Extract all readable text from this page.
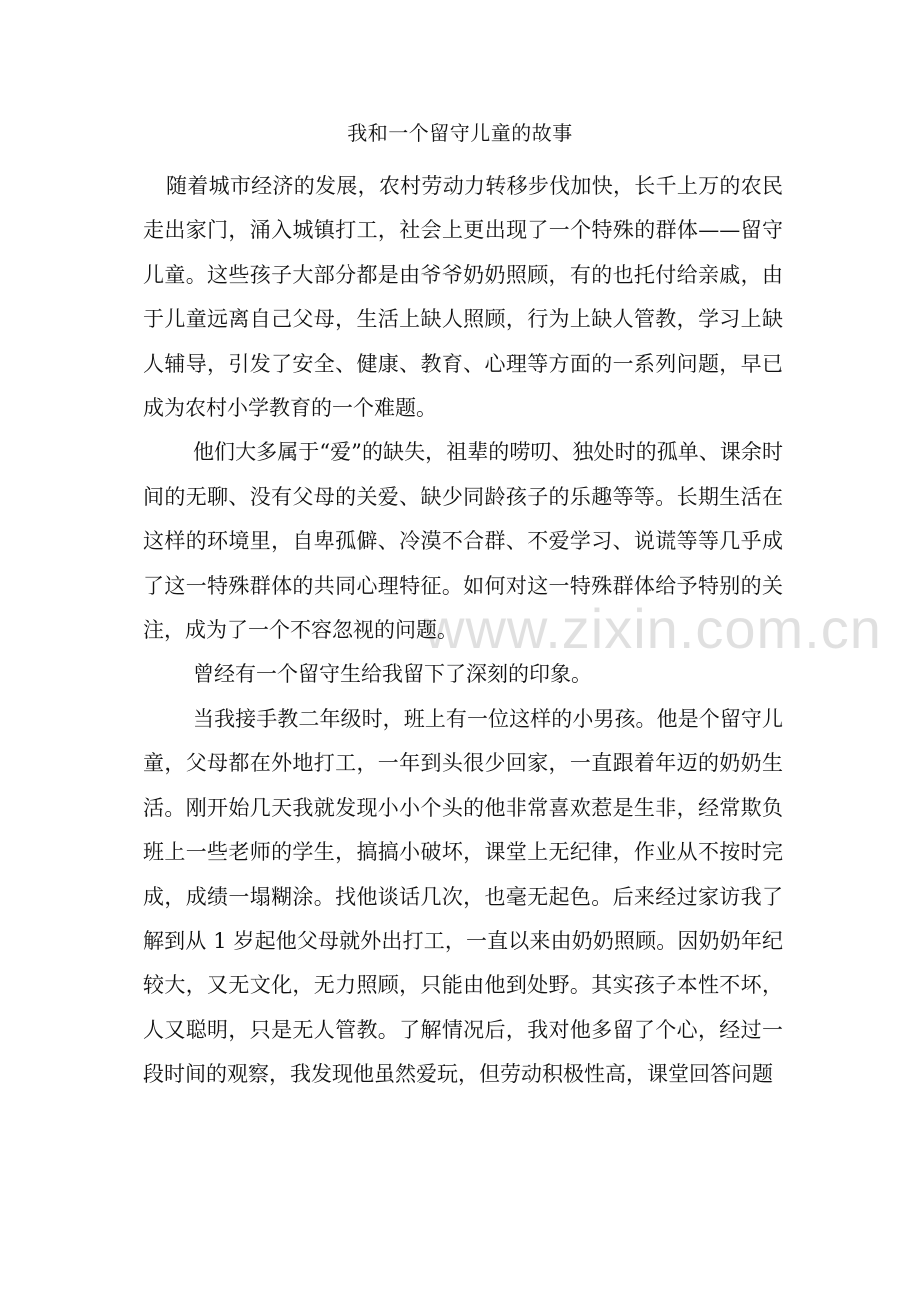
我和一个留守儿童的故事

随着城市经济的发展，农村劳动力转移步伐加快，长千上万的农民走出家门，涌入城镇打工，社会上更出现了一个特殊的群体——留守儿童。这些孩子大部分都是由爷爷奶奶照顾，有的也托付给亲戚，由于儿童远离自己父母，生活上缺人照顾，行为上缺人管教，学习上缺人辅导，引发了安全、健康、教育、心理等方面的一系列问题，早已成为农村小学教育的一个难题。

他们大多属于“爱”的缺失，祖辈的唠叨、独处时的孤单、课余时间的无聊、没有父母的关爱、缺少同龄孩子的乐趣等等。长期生活在这样的环境里，自卑孤僻、冷漠不合群、不爱学习、说谎等等几乎成了这一特殊群体的共同心理特征。如何对这一特殊群体给予特别的关注，成为了一个不容忽视的问题。

曾经有一个留守生给我留下了深刻的印象。

当我接手教二年级时，班上有一位这样的小男孩。他是个留守儿童，父母都在外地打工，一年到头很少回家，一直跟着年迈的奶奶生活。刚开始几天我就发现小小个头的他非常喜欢惹是生非，经常欺负班上一些老师的学生，搞搞小破坏，课堂上无纪律，作业从不按时完成，成绩一塌糊涂。找他谈话几次，也毫无起色。后来经过家访我了解到从 1 岁起他父母就外出打工，一直以来由奶奶照顾。因奶奶年纪较大，又无文化，无力照顾，只能由他到处野。其实孩子本性不坏，人又聪明，只是无人管教。了解情况后，我对他多留了个心，经过一段时间的观察，我发现他虽然爱玩，但劳动积极性高，课堂回答问题

www.zixin.com.cn
